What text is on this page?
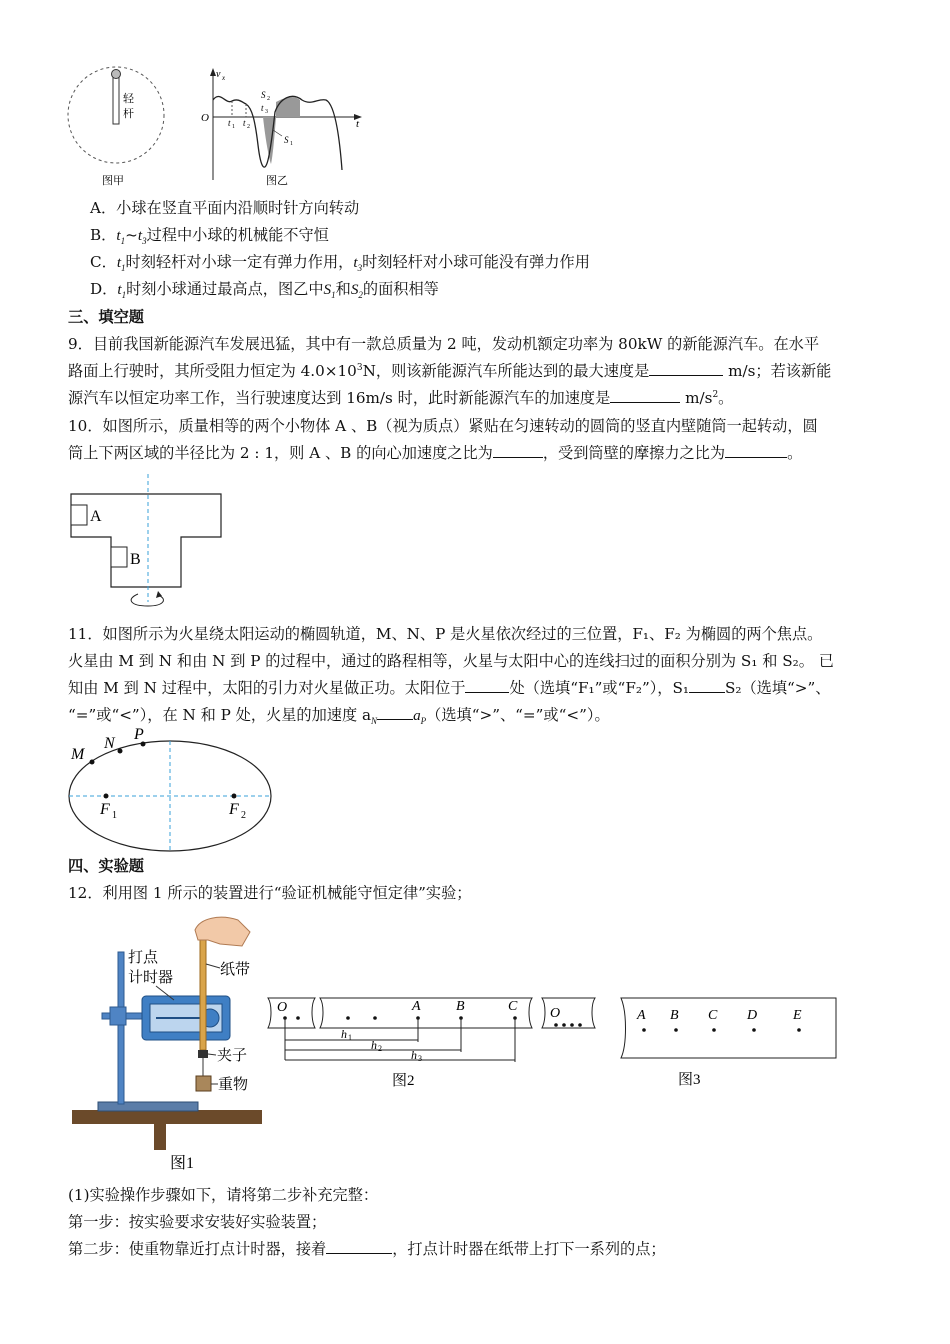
轻
杆
图甲
v x
t
O t 1 t 2
t 3
S 2
S 1
图乙
A．小球在竖直平面内沿顺时针方向转动
B．$t_1\sim t_3$过程中小球的机械能不守恒
C．$t_1$时刻轻杆对小球一定有弹力作用，$t_3$时刻轻杆对小球可能没有弹力作用
D．$t_1$时刻小球通过最高点，图乙中$S_1$和$S_2$的面积相等
三、填空题
9．目前我国新能源汽车发展迅猛，其中有一款总质量为 2 吨，发动机额定功率为 80kW 的新能源汽车。在水平
路面上行驶时，其所受阻力恒定为 $4.0\times 10^3N$，则该新能源汽车所能达到的最大速度是	m/s；若该新能
源汽车以恒定功率工作，当行驶速度达到 16m/s 时，此时新能源汽车的加速度是	$m/s^2$。
10．如图所示，质量相等的两个小物体 A 、B（视为质点）紧贴在匀速转动的圆筒的竖直内壁随筒一起转动，圆
筒上下两区域的半径比为 2 : 1，则 A 、B 的向心加速度之比为	，受到筒壁的摩擦力之比为	。
A
B
11．如图所示为火星绕太阳运动的椭圆轨道，M、N、P 是火星依次经过的三位置，F₁、F₂ 为椭圆的两个焦点。
火星由 M 到 N 和由 N 到 P 的过程中，通过的路程相等，火星与太阳中心的连线扫过的面积分别为 S₁ 和 S₂。 已
知由 M 到 N 过程中，太阳的引力对火星做正功。太阳位于	处（选填“F₁”或“F₂”），S₁ S₂（选填“>”、
“=”或“<”），在 N 和 P 处，火星的加速度 $a_N$ $a_P$（选填“>”、“=”或“<”）。
M
N
P
F 1	F 2
四、实验题
12．利用图 1 所示的装置进行“验证机械能守恒定律”实验；
打点
计时器	纸带
夹子
重物
图1
O	A	B	C O
h 1
h 2 h 3
图2
A B C D	E
图3
(1)实验操作步骤如下，请将第二步补充完整：
第一步：按实验要求安装好实验装置；
第二步：使重物靠近打点计时器，接着	，打点计时器在纸带上打下一系列的点；
